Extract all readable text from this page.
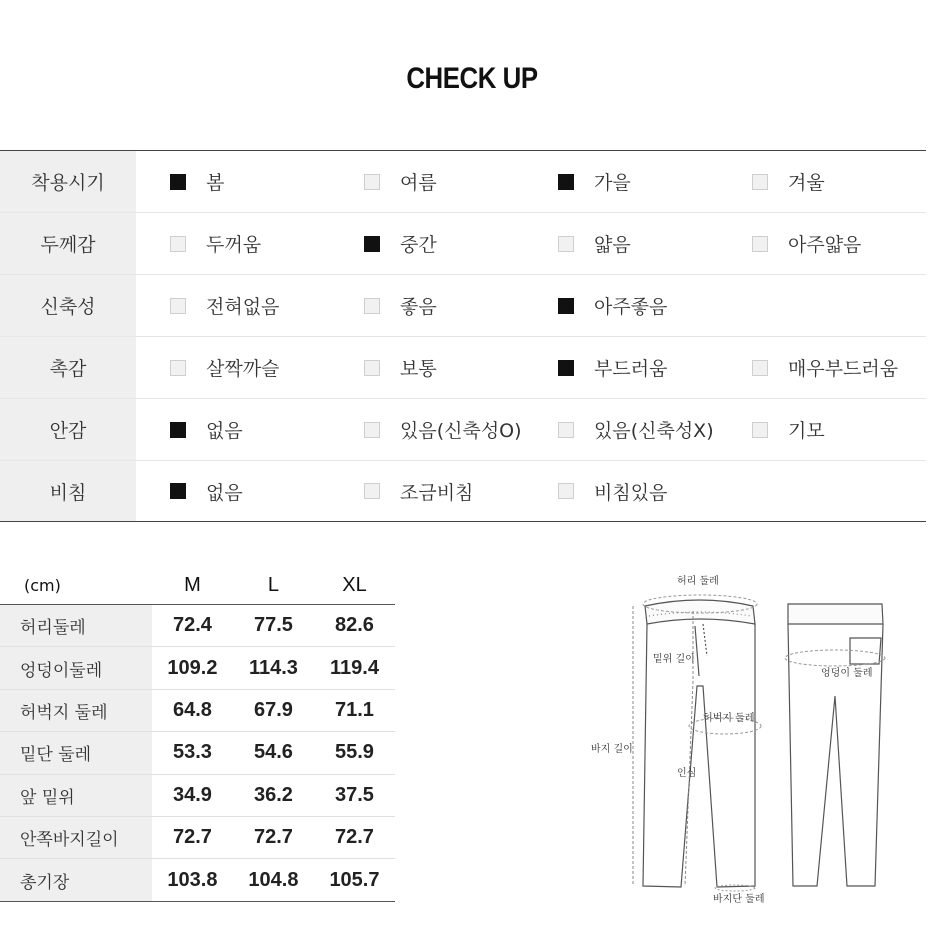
CHECK UP
착용시기	봄	여름	가을	겨울
두께감	두꺼움	중간	얇음	아주얇음
신축성	전혀없음	좋음	아주좋음
촉감	살짝까슬	보통	부드러움	매우부드러움
안감	없음	있음(신축성O)	있음(신축성X)	기모
비침	없음	조금비침	비침있음
(cm)	M	L	XL
허리둘레	72.4	77.5	82.6
엉덩이둘레	109.2	114.3	119.4
허벅지 둘레	64.8	67.9	71.1
밑단 둘레	53.3	54.6	55.9
앞 밑위	34.9	36.2	37.5
안쪽바지길이	72.7	72.7	72.7
총기장	103.8	104.8	105.7
허리 둘레
밑위 길이
허벅지 둘레
바지 길이
인심
바지단 둘레
엉덩이 둘레
